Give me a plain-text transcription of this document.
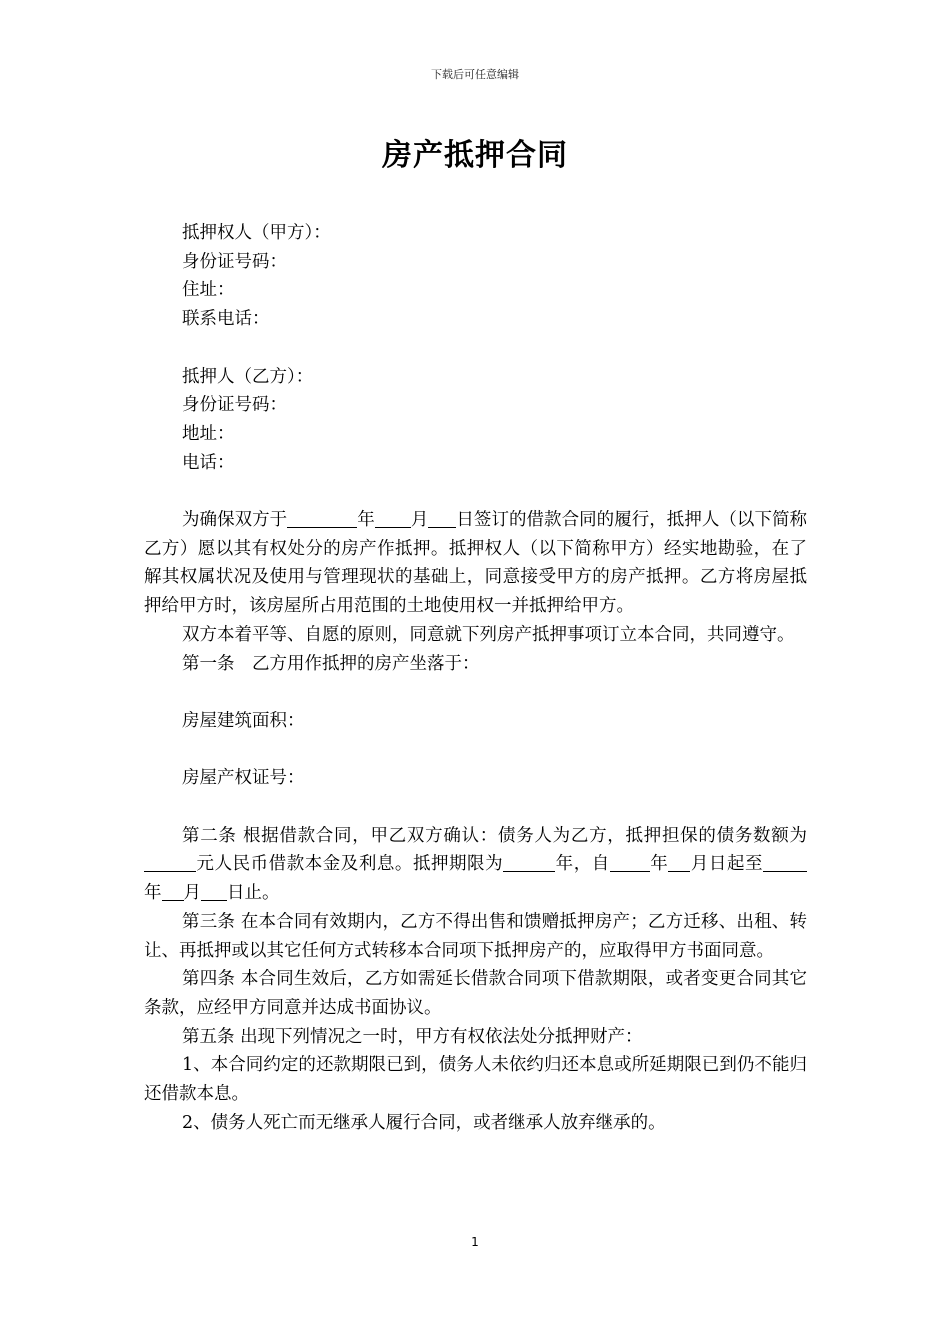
下载后可任意编辑
房产抵押合同

抵押权人（甲方）：

身份证号码：

住址：

联系电话：

抵押人（乙方）：

身份证号码：

地址：

电话：

为确保双方于	年 月 日签订的借款合同的履行，抵押人（以下简称乙方）愿以其有权处分的房产作抵押。抵押权人（以下简称甲方）经实地勘验，在了解其权属状况及使用与管理现状的基础上，同意接受甲方的房产抵押。乙方将房屋抵押给甲方时，该房屋所占用范围的土地使用权一并抵押给甲方。

双方本着平等、自愿的原则，同意就下列房产抵押事项订立本合同，共同遵守。

第一条　乙方用作抵押的房产坐落于：

房屋建筑面积：

房屋产权证号：

第二条 根据借款合同，甲乙双方确认：债务人为乙方，抵押担保的债务数额为元人民币借款本金及利息。抵押期限为	年，自 年 月日起至年 月 日止。

第三条 在本合同有效期内，乙方不得出售和馈赠抵押房产；乙方迁移、出租、转让、再抵押或以其它任何方式转移本合同项下抵押房产的，应取得甲方书面同意。

第四条 本合同生效后，乙方如需延长借款合同项下借款期限，或者变更合同其它条款，应经甲方同意并达成书面协议。

第五条 出现下列情况之一时，甲方有权依法处分抵押财产：

1、本合同约定的还款期限已到，债务人未依约归还本息或所延期限已到仍不能归还借款本息。

2、债务人死亡而无继承人履行合同，或者继承人放弃继承的。

1
